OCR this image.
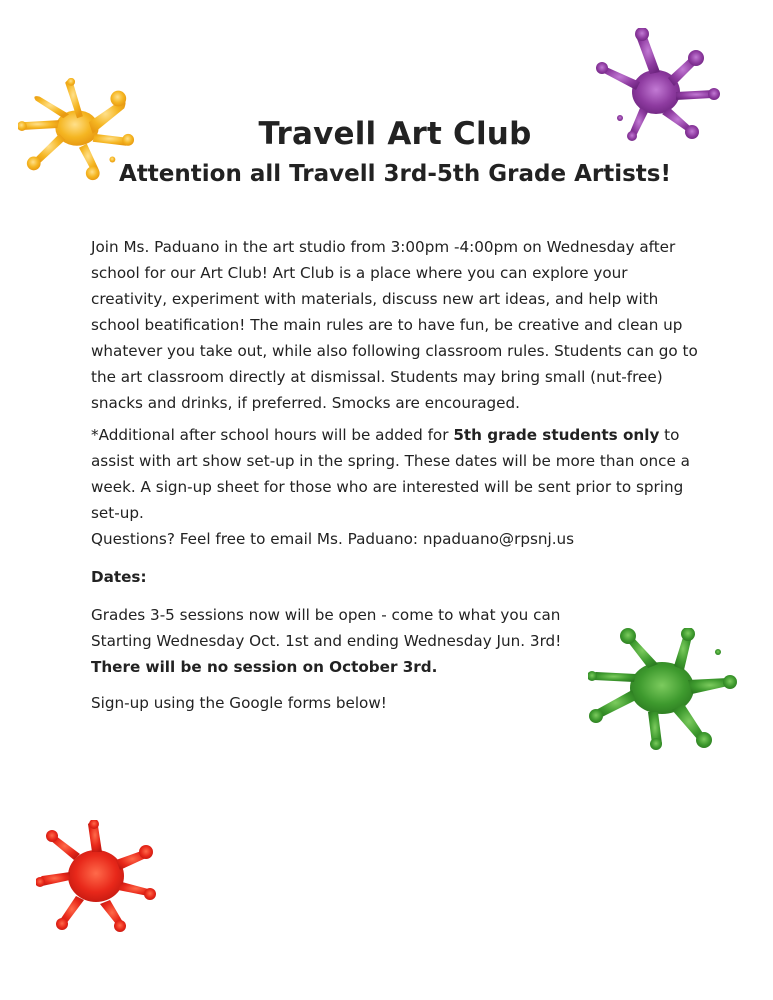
Travell Art Club
Attention all Travell 3rd-5th Grade Artists!

Join Ms. Paduano in the art studio from 3:00pm -4:00pm on Wednesday after school for our Art Club! Art Club is a place where you can explore your creativity, experiment with materials, discuss new art ideas, and help with school beatification! The main rules are to have fun, be creative and clean up whatever you take out, while also following classroom rules. Students can go to the art classroom directly at dismissal. Students may bring small (nut-free) snacks and drinks, if preferred. Smocks are encouraged.

*Additional after school hours will be added for 5th grade students only to assist with art show set-up in the spring. These dates will be more than once a week. A sign-up sheet for those who are interested will be sent prior to spring set-up.

Questions? Feel free to email Ms. Paduano: npaduano@rpsnj.us

Dates:

Grades 3-5 sessions now will be open - come to what you can

Starting Wednesday Oct. 1st and ending Wednesday Jun. 3rd!

There will be no session on October 3rd.

Sign-up using the Google forms below!
